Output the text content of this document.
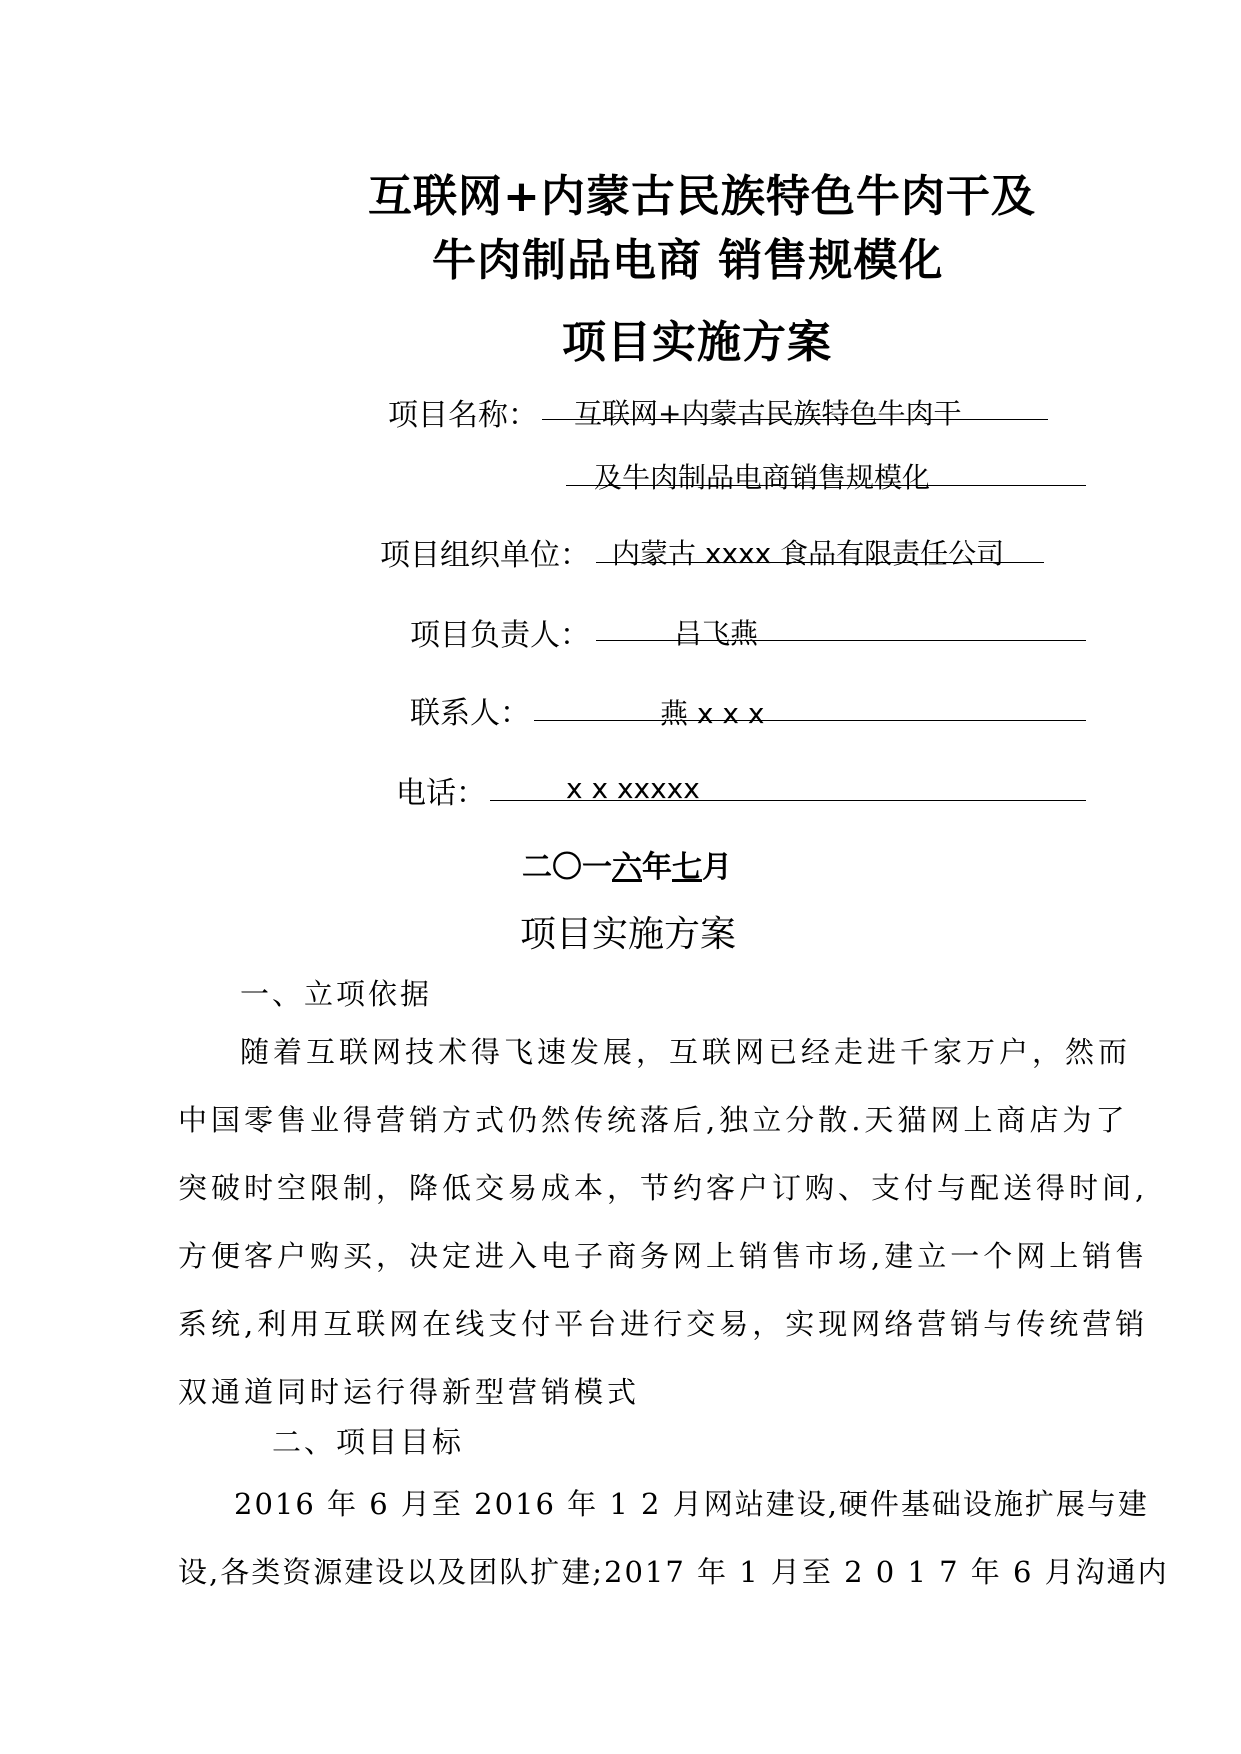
互联网+内蒙古民族特色牛肉干及
牛肉制品电商 销售规模化
项目实施方案
项目名称： 互联网+内蒙古民族特色牛肉干
及牛肉制品电商销售规模化
项目组织单位： 内蒙古 xxxx 食品有限责任公司
项目负责人：	吕飞燕
联系人：	燕 x x x
电话：	x x xxxxx
二〇一六年七月
项目实施方案
一、立项依据
随着互联网技术得飞速发展，互联网已经走进千家万户，然而
中国零售业得营销方式仍然传统落后,独立分散.天猫网上商店为了
突破时空限制，降低交易成本，节约客户订购、支付与配送得时间,
方便客户购买，决定进入电子商务网上销售市场,建立一个网上销售
系统,利用互联网在线支付平台进行交易，实现网络营销与传统营销
双通道同时运行得新型营销模式
二、项目目标
2016 年 6 月至 2016 年 1 2 月网站建设,硬件基础设施扩展与建
设,各类资源建设以及团队扩建;2017 年 1 月至 2 0 1 7 年 6 月沟通内
